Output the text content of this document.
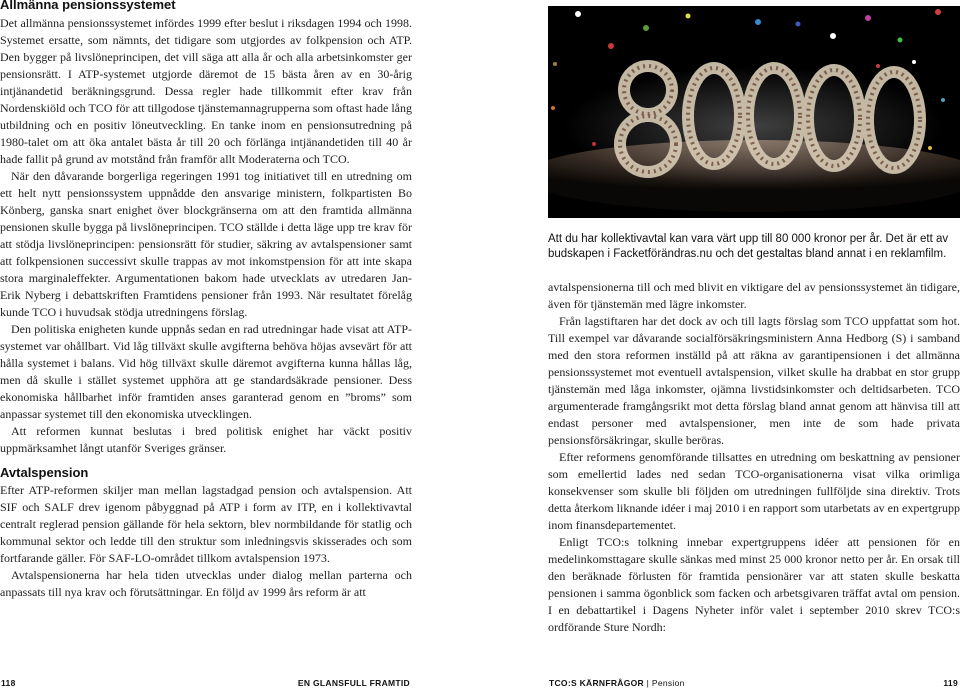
Allmänna pensionssystemet

Det allmänna pensionssystemet infördes 1999 efter beslut i riksdagen 1994 och 1998. Systemet ersatte, som nämnts, det tidigare som utgjordes av folkpension och ATP. Den bygger på livslöneprincipen, det vill säga att alla år och alla arbetsinkomster ger pensionsrätt. I ATP-systemet utgjorde däremot de 15 bästa åren av en 30-årig intjänandetid beräkningsgrund. Dessa regler hade tillkommit efter krav från Nordenskiöld och TCO för att tillgodose tjänstemannagrupperna som oftast hade lång utbildning och en positiv löneutveckling. En tanke inom en pensionsutredning på 1980-talet om att öka antalet bästa år till 20 och förlänga intjänandetiden till 40 år hade fallit på grund av motstånd från framför allt Moderaterna och TCO.

När den dåvarande borgerliga regeringen 1991 tog initiativet till en utredning om ett helt nytt pensionssystem uppnådde den ansvarige ministern, folkpartisten Bo Könberg, ganska snart enighet över blockgränserna om att den framtida allmänna pensionen skulle bygga på livslöneprincipen. TCO ställde i detta läge upp tre krav för att stödja livslöneprincipen: pensionsrätt för studier, säkring av avtalspensioner samt att folkpensionen successivt skulle trappas av mot inkomstpension för att inte skapa stora marginaleffekter. Argumentationen bakom hade utvecklats av utredaren Jan-Erik Nyberg i debattskriften Framtidens pensioner från 1993. När resultatet förelåg kunde TCO i huvudsak stödja utredningens förslag.

Den politiska enigheten kunde uppnås sedan en rad utredningar hade visat att ATP-systemet var ohållbart. Vid låg tillväxt skulle avgifterna behöva höjas avsevärt för att hålla systemet i balans. Vid hög tillväxt skulle däremot avgifterna kunna hållas låg, men då skulle i stället systemet upphöra att ge standardsäkrade pensioner. Dess ekonomiska hållbarhet inför framtiden anses garanterad genom en ”broms” som anpassar systemet till den ekonomiska utvecklingen.

Att reformen kunnat beslutas i bred politisk enighet har väckt positiv uppmärksamhet långt utanför Sveriges gränser.

Avtalspension

Efter ATP-reformen skiljer man mellan lagstadgad pension och avtalspension. Att SIF och SALF drev igenom påbyggnad på ATP i form av ITP, en i kollektivavtal centralt reglerad pension gällande för hela sektorn, blev normbildande för statlig och kommunal sektor och ledde till den struktur som inledningsvis skisserades och som fortfarande gäller. För SAF-LO-området tillkom avtalspension 1973.

Avtalspensionerna har hela tiden utvecklas under dialog mellan parterna och anpassats till nya krav och förutsättningar. En följd av 1999 års reform är att

Att du har kollektivavtal kan vara värt upp till 80 000 kronor per år. Det är ett av budskapen i Facketförändras.nu och det gestaltas bland annat i en reklamfilm.

avtalspensionerna till och med blivit en viktigare del av pensionssystemet än tidigare, även för tjänstemän med lägre inkomster.

Från lagstiftaren har det dock av och till lagts förslag som TCO uppfattat som hot. Till exempel var dåvarande socialförsäkringsministern Anna Hedborg (S) i samband med den stora reformen inställd på att räkna av garantipensionen i det allmänna pensionssystemet mot eventuell avtalspension, vilket skulle ha drabbat en stor grupp tjänstemän med låga inkomster, ojämna livstidsinkomster och deltidsarbeten. TCO argumenterade framgångsrikt mot detta förslag bland annat genom att hänvisa till att endast personer med avtalspensioner, men inte de som hade privata pensionsförsäkringar, skulle beröras.

Efter reformens genomförande tillsattes en utredning om beskattning av pensioner som emellertid lades ned sedan TCO-organisationerna visat vilka orimliga konsekvenser som skulle bli följden om utredningen fullföljde sina direktiv. Trots detta återkom liknande idéer i maj 2010 i en rapport som utarbetats av en expertgrupp inom finansdepartementet.

Enligt TCO:s tolkning innebar expertgruppens idéer att pensionen för en medelinkomsttagare skulle sänkas med minst 25 000 kronor netto per år. En orsak till den beräknade förlusten för framtida pensionärer var att staten skulle beskatta pensionen i samma ögonblick som facken och arbetsgivaren träffat avtal om pension. I en debattartikel i Dagens Nyheter inför valet i september 2010 skrev TCO:s ordförande Sture Nordh:

118	EN GLANSFULL FRAMTID	TCO:S KÄRNFRÅGOR | Pension	119
